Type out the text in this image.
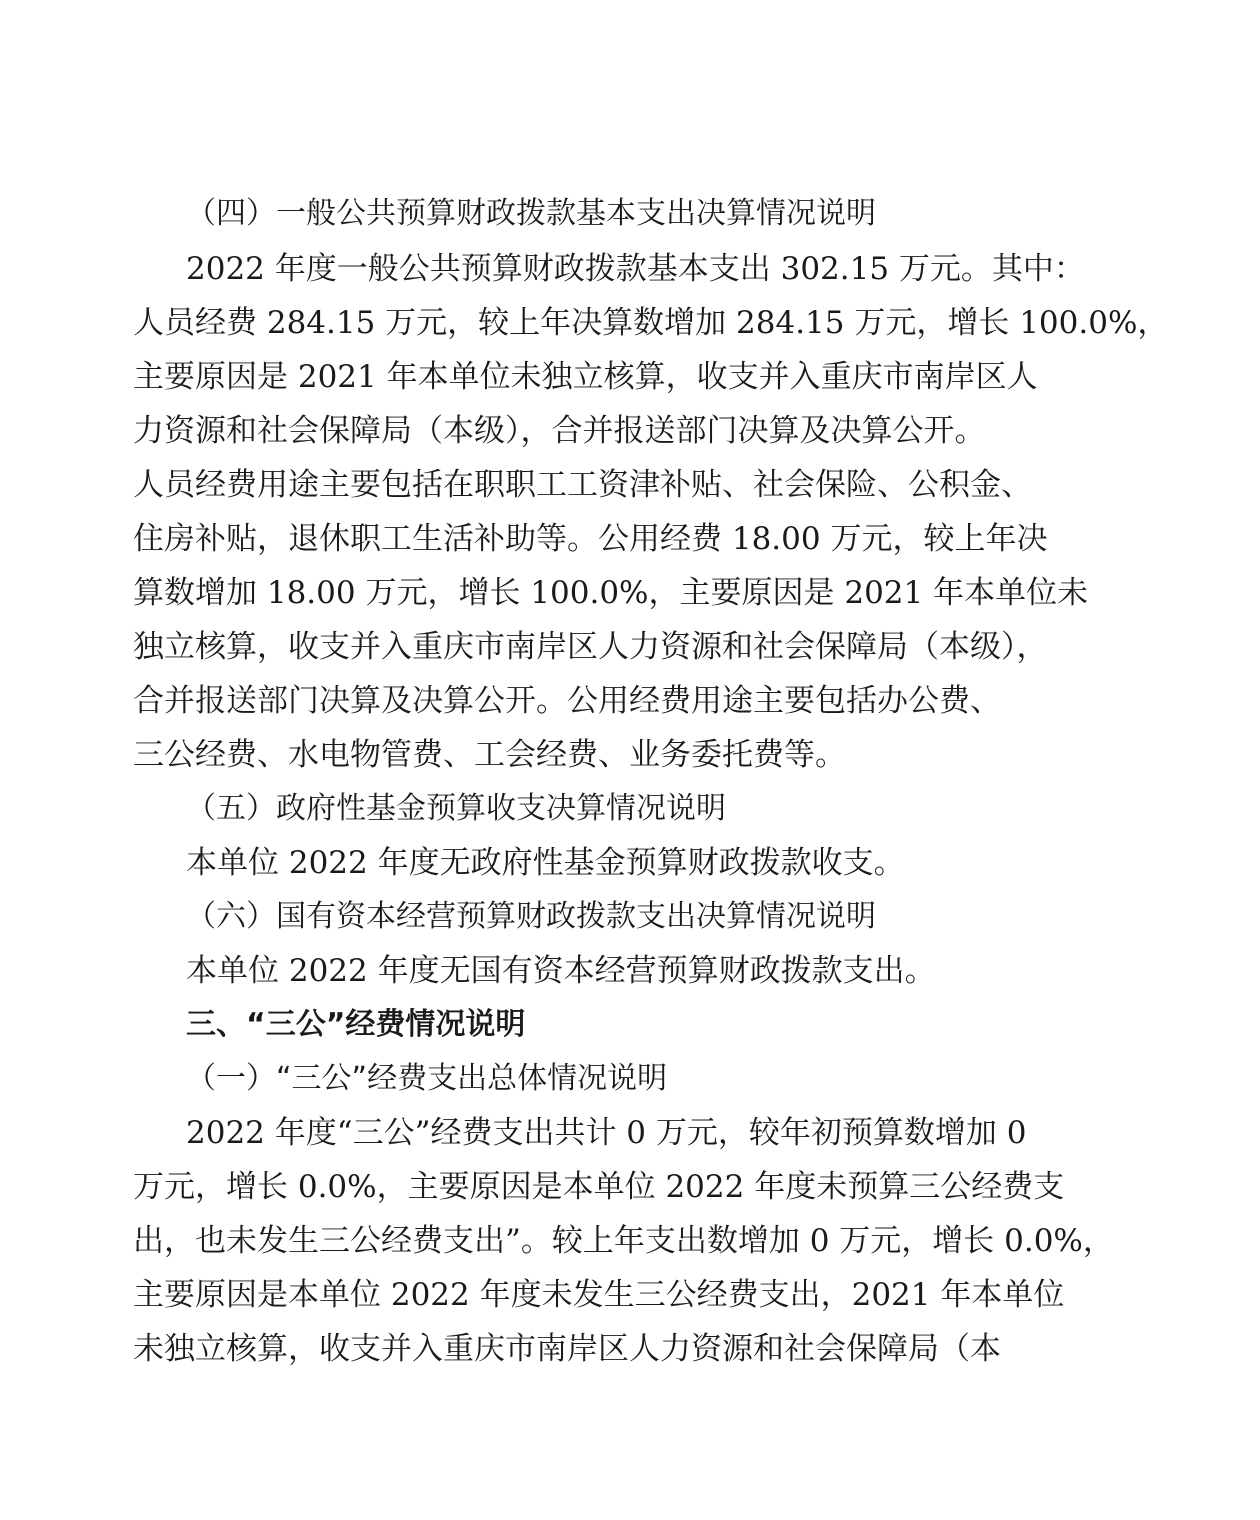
（四）一般公共预算财政拨款基本支出决算情况说明

2022 年度一般公共预算财政拨款基本支出 302.15 万元。其中：

人员经费 284.15 万元，较上年决算数增加 284.15 万元，增长 100.0%，

主要原因是 2021 年本单位未独立核算，收支并入重庆市南岸区人

力资源和社会保障局（本级），合并报送部门决算及决算公开。

人员经费用途主要包括在职职工工资津补贴、社会保险、公积金、

住房补贴，退休职工生活补助等。公用经费 18.00 万元，较上年决

算数增加 18.00 万元，增长 100.0%，主要原因是 2021 年本单位未

独立核算，收支并入重庆市南岸区人力资源和社会保障局（本级），

合并报送部门决算及决算公开。公用经费用途主要包括办公费、

三公经费、水电物管费、工会经费、业务委托费等。

（五）政府性基金预算收支决算情况说明

本单位 2022 年度无政府性基金预算财政拨款收支。

（六）国有资本经营预算财政拨款支出决算情况说明

本单位 2022 年度无国有资本经营预算财政拨款支出。

三、“三公”经费情况说明

（一）“三公”经费支出总体情况说明

2022 年度“三公”经费支出共计 0 万元，较年初预算数增加 0

万元，增长 0.0%，主要原因是本单位 2022 年度未预算三公经费支

出，也未发生三公经费支出”。较上年支出数增加 0 万元，增长 0.0%，

主要原因是本单位 2022 年度未发生三公经费支出，2021 年本单位

未独立核算，收支并入重庆市南岸区人力资源和社会保障局（本
